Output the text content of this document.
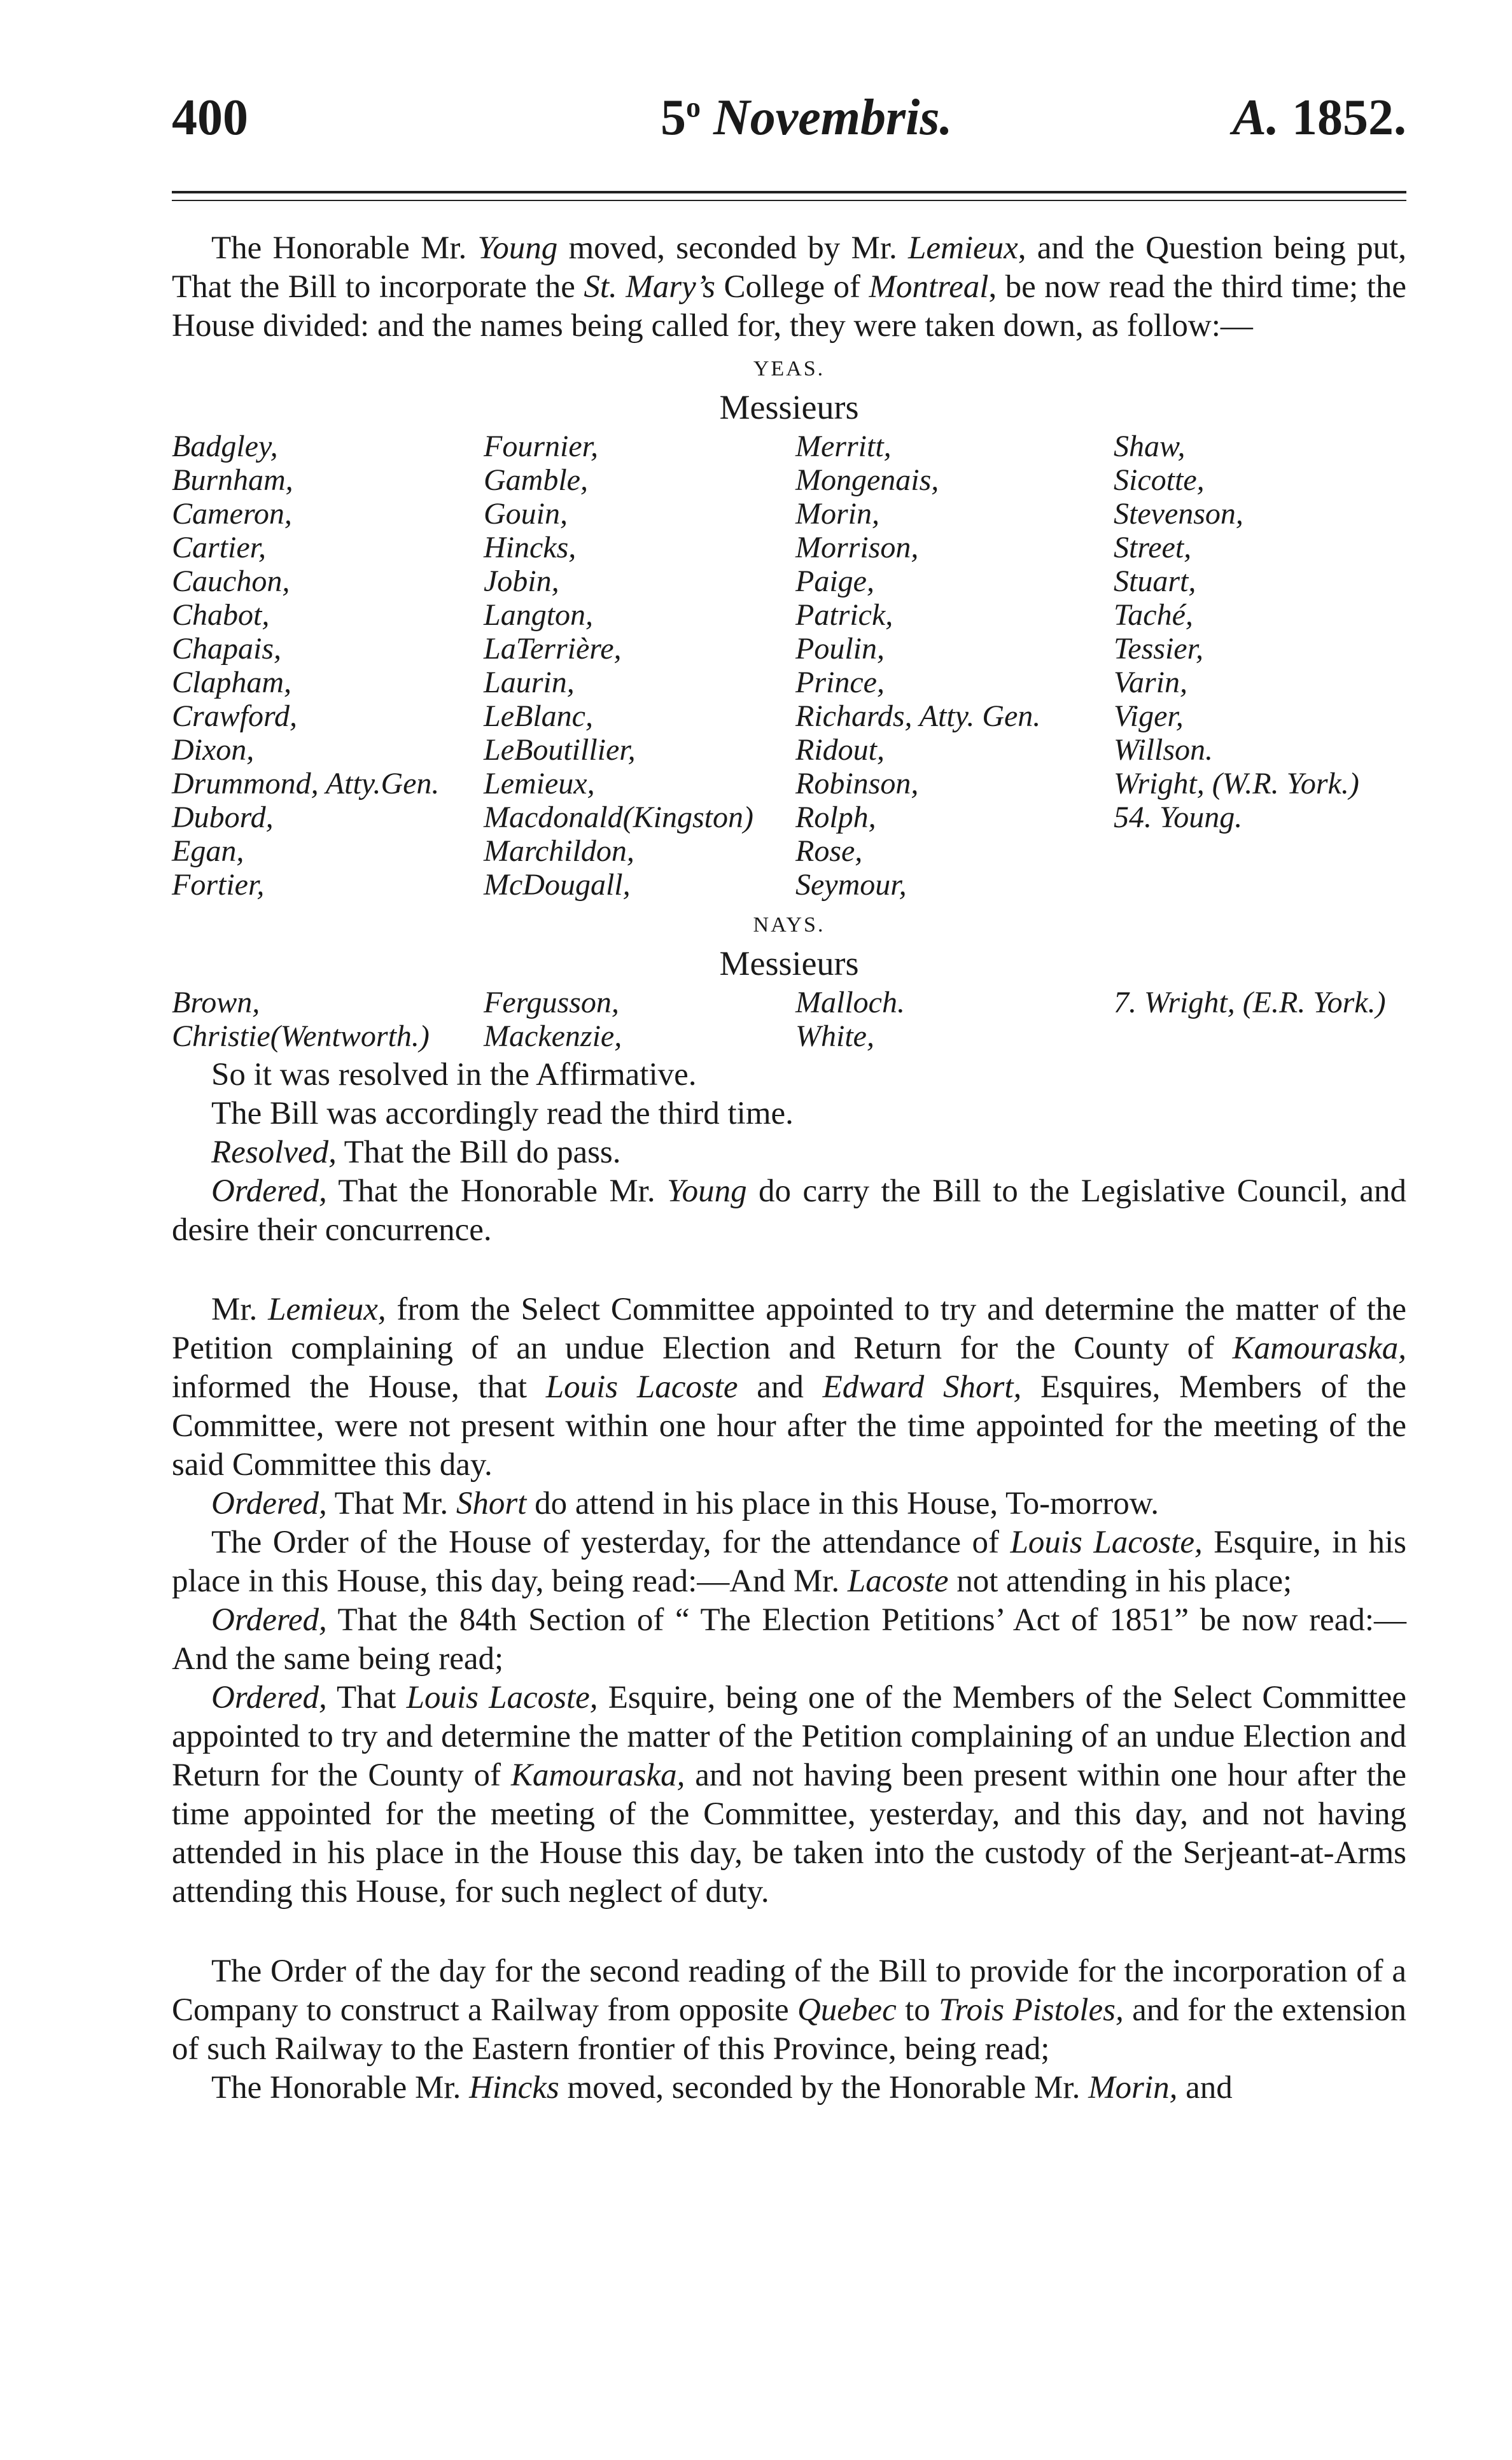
400	5$^o$ Novembris.	A. 1852.

The Honorable Mr. Young moved, seconded by Mr. Lemieux, and the Question being put, That the Bill to incorporate the St. Mary’s College of Montreal, be now read the third time; the House divided: and the names being called for, they were taken down, as follow:—

YEAS.
Messieurs
Badgley,	Fournier,	Merritt,	Shaw,
Burnham,	Gamble,	Mongenais,	Sicotte,
Cameron,	Gouin,	Morin,	Stevenson,
Cartier,	Hincks,	Morrison,	Street,
Cauchon,	Jobin,	Paige,	Stuart,
Chabot,	Langton,	Patrick,	Taché,
Chapais,	LaTerrière,	Poulin,	Tessier,
Clapham,	Laurin,	Prince,	Varin,
Crawford,	LeBlanc,	Richards, Atty. Gen.	Viger,
Dixon,	LeBoutillier,	Ridout,	Willson.
Drummond, Atty.Gen.	Lemieux,	Robinson,	Wright, (W.R. York.)
Dubord,	Macdonald(Kingston)	Rolph,	54. Young.
Egan,	Marchildon,	Rose,
Fortier,	McDougall,	Seymour,
NAYS.
Messieurs
Brown,	Fergusson,	Malloch.	7. Wright, (E.R. York.)
Christie(Wentworth.)	Mackenzie,	White,

So it was resolved in the Affirmative.

The Bill was accordingly read the third time.

Resolved, That the Bill do pass.

Ordered, That the Honorable Mr. Young do carry the Bill to the Legislative Council, and desire their concurrence.

Mr. Lemieux, from the Select Committee appointed to try and determine the matter of the Petition complaining of an undue Election and Return for the County of Kamouraska, informed the House, that Louis Lacoste and Edward Short, Esquires, Members of the Committee, were not present within one hour after the time appointed for the meeting of the said Committee this day.

Ordered, That Mr. Short do attend in his place in this House, To-morrow.

The Order of the House of yesterday, for the attendance of Louis Lacoste, Esquire, in his place in this House, this day, being read:—And Mr. Lacoste not attending in his place;

Ordered, That the 84th Section of “ The Election Petitions’ Act of 1851” be now read:—And the same being read;

Ordered, That Louis Lacoste, Esquire, being one of the Members of the Select Committee appointed to try and determine the matter of the Petition complaining of an undue Election and Return for the County of Kamouraska, and not having been present within one hour after the time appointed for the meeting of the Committee, yesterday, and this day, and not having attended in his place in the House this day, be taken into the custody of the Serjeant-at-Arms attending this House, for such neglect of duty.

The Order of the day for the second reading of the Bill to provide for the incorporation of a Company to construct a Railway from opposite Quebec to Trois Pistoles, and for the extension of such Railway to the Eastern frontier of this Province, being read;

The Honorable Mr. Hincks moved, seconded by the Honorable Mr. Morin, and
